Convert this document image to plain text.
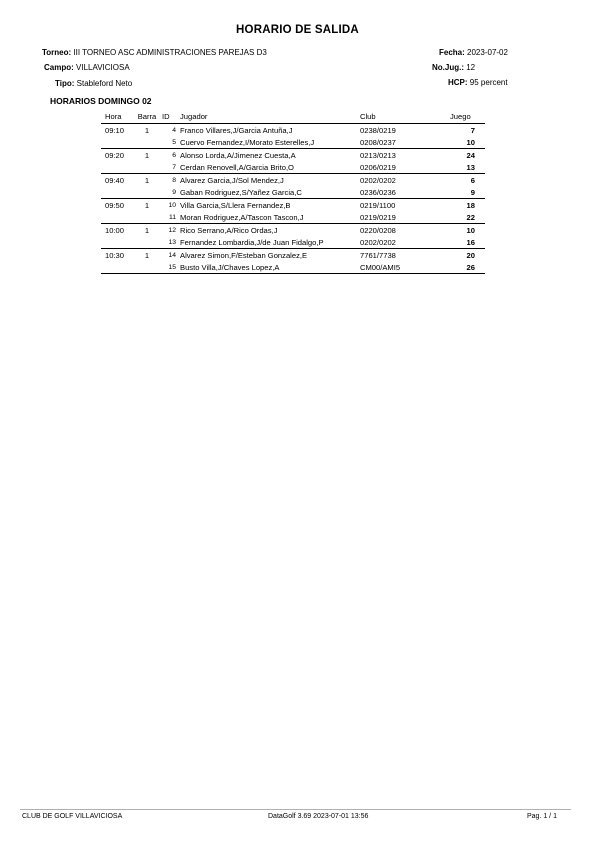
HORARIO DE SALIDA
Torneo: III TORNEO ASC ADMINISTRACIONES PAREJAS D3
Campo: VILLAVICIOSA
Tipo: Stableford Neto
Fecha: 2023-07-02
No.Jug.: 12
HCP: 95 percent
HORARIOS DOMINGO 02
Hora	Barra	ID	Jugador	Club	Juego
09:10	1	4	Franco Villares,J/Garcia Antuña,J	0238/0219	7
		5	Cuervo Fernandez,I/Morato Esterelles,J	0208/0237	10
09:20	1	6	Alonso Lorda,A/Jimenez Cuesta,A	0213/0213	24
		7	Cerdan Renovell,A/Garcia Brito,O	0206/0219	13
09:40	1	8	Alvarez Garcia,J/Sol Mendez,J	0202/0202	6
		9	Gaban Rodriguez,S/Yañez Garcia,C	0236/0236	9
09:50	1	10	Villa Garcia,S/Llera Fernandez,B	0219/1100	18
		11	Moran Rodriguez,A/Tascon Tascon,J	0219/0219	22
10:00	1	12	Rico Serrano,A/Rico Ordas,J	0220/0208	10
		13	Fernandez Lombardia,J/de Juan Fidalgo,P	0202/0202	16
10:30	1	14	Alvarez Simon,F/Esteban Gonzalez,E	7761/7738	20
		15	Busto Villa,J/Chaves Lopez,A	CM00/AMI5	26
CLUB DE GOLF VILLAVICIOSA	DataGolf 3.69 2023-07-01 13:56	Pag. 1 / 1
